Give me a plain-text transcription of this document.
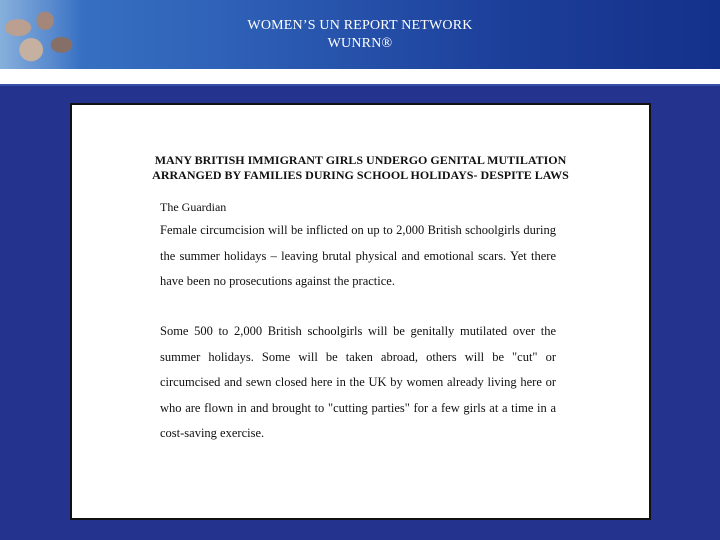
WOMEN’S UN REPORT NETWORK
WUNRN®
MANY BRITISH IMMIGRANT GIRLS UNDERGO GENITAL MUTILATION
ARRANGED BY FAMILIES DURING SCHOOL HOLIDAYS- DESPITE LAWS
The Guardian
Female circumcision will be inflicted on up to 2,000 British schoolgirls during the summer holidays – leaving brutal physical and emotional scars. Yet there have been no prosecutions against the practice.
Some 500 to 2,000 British schoolgirls will be genitally mutilated over the summer holidays. Some will be taken abroad, others will be "cut" or circumcised and sewn closed here in the UK by women already living here or who are flown in and brought to "cutting parties" for a few girls at a time in a cost-saving exercise.
